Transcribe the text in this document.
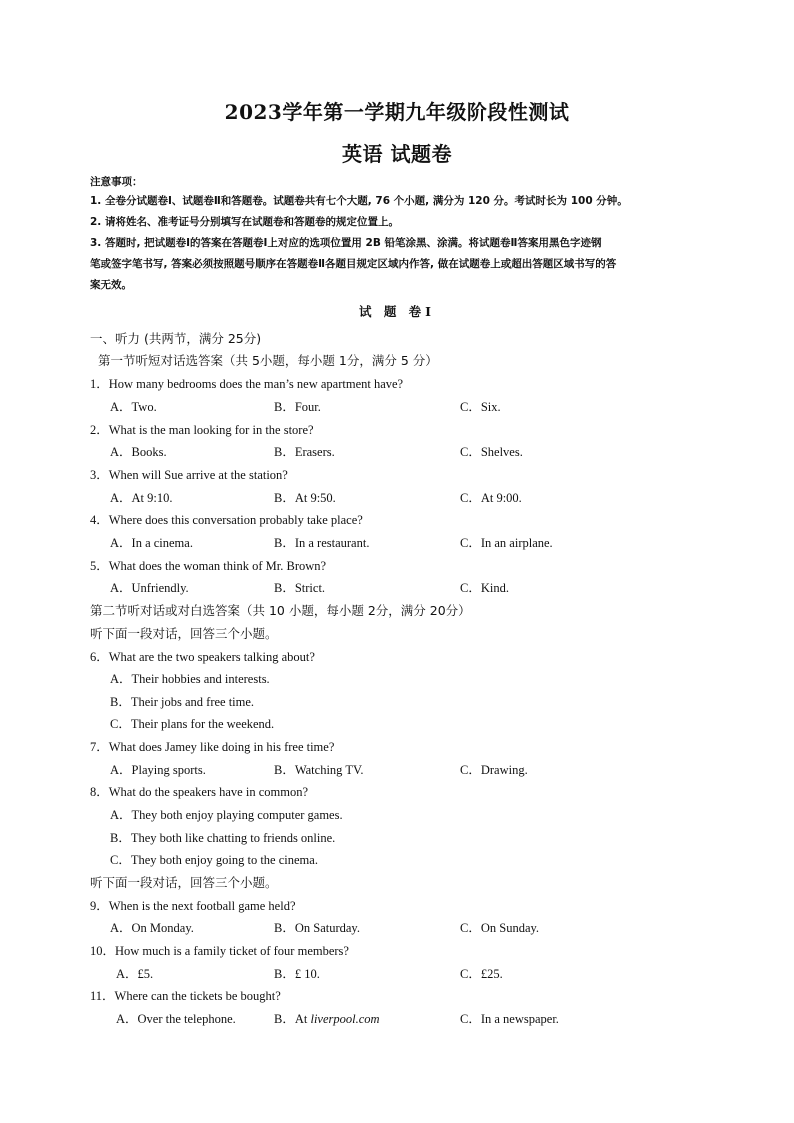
2023学年第一学期九年级阶段性测试
英语 试题卷
注意事项：
1. 全卷分试题卷Ⅰ、试题卷Ⅱ和答题卷。试题卷共有七个大题, 76 个小题, 满分为 120 分。考试时长为 100 分钟。
2. 请将姓名、准考证号分别填写在试题卷和答题卷的规定位置上。
3. 答题时, 把试题卷Ⅰ的答案在答题卷Ⅰ上对应的选项位置用 2B 铅笔涂黑、涂满。将试题卷Ⅱ答案用黑色字迹钢
笔或签字笔书写, 答案必须按照题号顺序在答题卷Ⅱ各题目规定区域内作答, 做在试题卷上或超出答题区域书写的答
案无效。
试 题 卷Ⅰ
一、听力 (共两节，满分 25分)
第一节听短对话选答案（共 5小题，每小题 1分，满分 5 分）
1．How many bedrooms does the man’s new apartment have?
A．Two.	B．Four.	C．Six.
2．What is the man looking for in the store?
A．Books.	B．Erasers.	C．Shelves.
3．When will Sue arrive at the station?
A．At 9:10.	B．At 9:50.	C．At 9:00.
4．Where does this conversation probably take place?
A．In a cinema.	B．In a restaurant.	C．In an airplane.
5．What does the woman think of Mr. Brown?
A．Unfriendly.	B．Strict.	C．Kind.
第二节听对话或对白选答案（共 10 小题，每小题 2分，满分 20分）
听下面一段对话，回答三个小题。
6．What are the two speakers talking about?
A．Their hobbies and interests.
B．Their jobs and free time.
C．Their plans for the weekend.
7．What does Jamey like doing in his free time?
A．Playing sports.	B．Watching TV.	C．Drawing.
8．What do the speakers have in common?
A．They both enjoy playing computer games.
B．They both like chatting to friends online.
C．They both enjoy going to the cinema.
听下面一段对话，回答三个小题。
9．When is the next football game held?
A．On Monday.	B．On Saturday.	C．On Sunday.
10．How much is a family ticket of four members?
A．£5.	B．£ 10.	C．£25.
11．Where can the tickets be bought?
A．Over the telephone.	B．At liverpool.com	C．In a newspaper.
